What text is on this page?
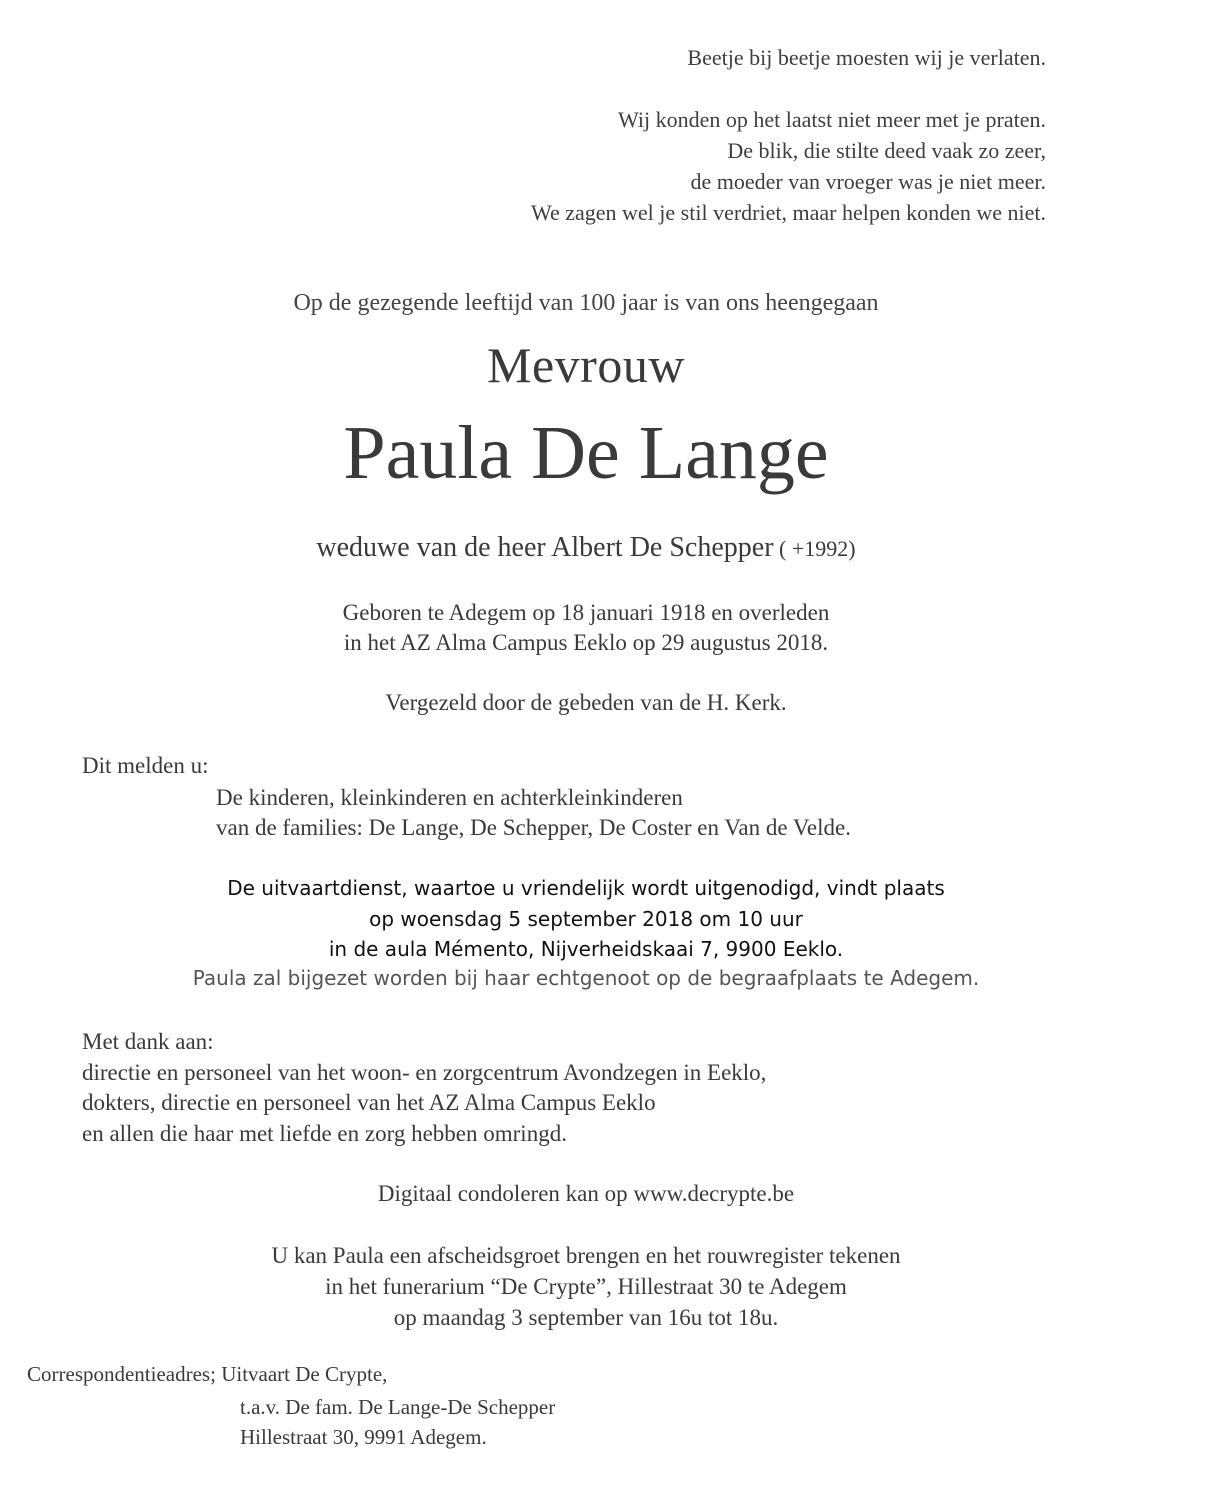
Beetje bij beetje moesten wij je verlaten.
Wij konden op het laatst niet meer met je praten.
De blik, die stilte deed vaak zo zeer,
de moeder van vroeger was je niet meer.
We zagen wel je stil verdriet, maar helpen konden we niet.
Op de gezegende leeftijd van 100 jaar is van ons heengegaan
Mevrouw
Paula De Lange
weduwe van de heer Albert De Schepper ( +1992)
Geboren te Adegem op 18 januari 1918 en overleden
in het AZ Alma Campus Eeklo op 29 augustus 2018.
Vergezeld door de gebeden van de H. Kerk.
Dit melden u:
De kinderen, kleinkinderen en achterkleinkinderen
van de families: De Lange, De Schepper, De Coster en Van de Velde.
De uitvaartdienst, waartoe u vriendelijk wordt uitgenodigd, vindt plaats
op woensdag 5 september 2018 om 10 uur
in de aula Mémento, Nijverheidskaai 7, 9900 Eeklo.
Paula zal bijgezet worden bij haar echtgenoot op de begraafplaats te Adegem.
Met dank aan:
directie en personeel van het woon- en zorgcentrum Avondzegen in Eeklo,
dokters, directie en personeel van het AZ Alma Campus Eeklo
en allen die haar met liefde en zorg hebben omringd.
Digitaal condoleren kan op www.decrypte.be
U kan Paula een afscheidsgroet brengen en het rouwregister tekenen
in het funerarium “De Crypte”, Hillestraat 30 te Adegem
op maandag 3 september van 16u tot 18u.
Correspondentieadres; Uitvaart De Crypte,
t.a.v. De fam. De Lange-De Schepper
Hillestraat 30, 9991 Adegem.
